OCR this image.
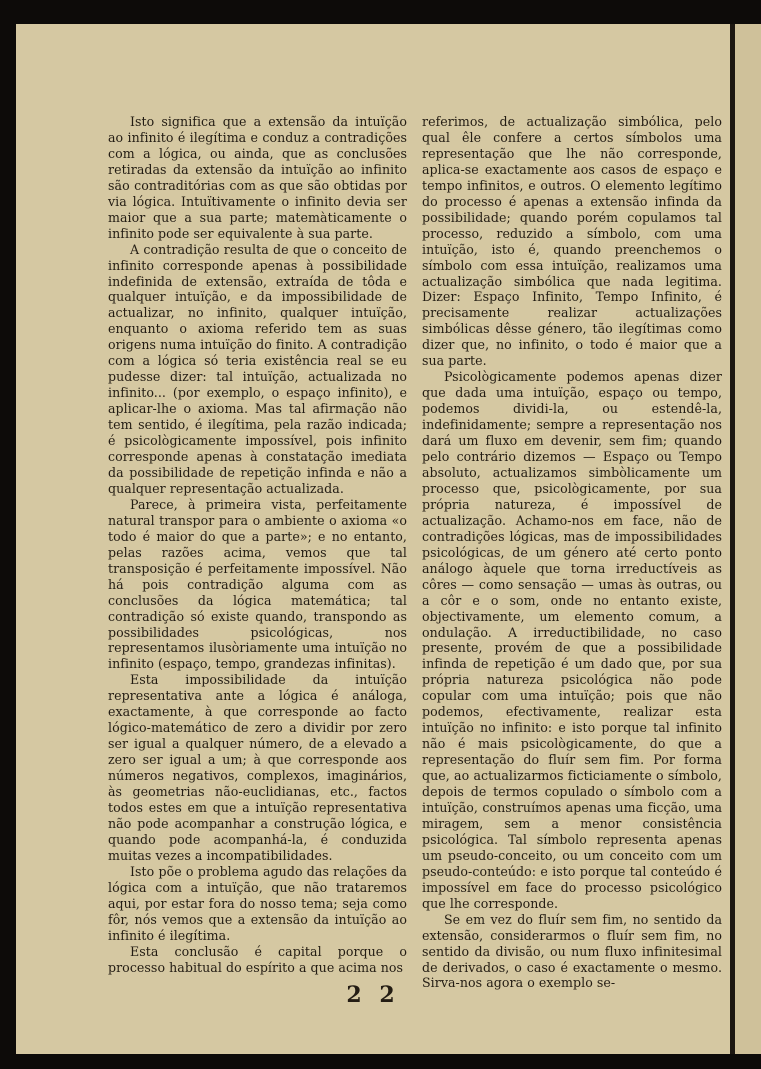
Isto significa que a extensão da intuïção ao infinito é ilegítima e conduz a contradições com a lógica, ou ainda, que as conclusões retiradas da extensão da intuïção ao infinito são contraditórias com as que são obtidas por via lógica. Intuïtivamente o infinito devia ser maior que a sua parte; matemàticamente o infinito pode ser equivalente à sua parte.

A contradição resulta de que o conceito de infinito corresponde apenas à possibilidade indefinida de extensão, extraída de tôda e qualquer intuïção, e da impossibilidade de actualizar, no infinito, qualquer intuïção, enquanto o axioma referido tem as suas origens numa intuïção do finito. A contradição com a lógica só teria existência real se eu pudesse dizer: tal intuïção, actualizada no infinito... (por exemplo, o espaço infinito), e aplicar-lhe o axioma. Mas tal afirmação não tem sentido, é ilegítima, pela razão indicada; é psicològicamente impossível, pois infinito corresponde apenas à constatação imediata da possibilidade de repetição infinda e não a qualquer representação actualizada.

Parece, à primeira vista, perfeitamente natural transpor para o ambiente o axioma «o todo é maior do que a parte»; e no entanto, pelas razões acima, vemos que tal transposição é perfeitamente impossível. Não há pois contradição alguma com as conclusões da lógica matemática; tal contradição só existe quando, transpondo as possibilidades psicológicas, nos representamos ilusòriamente uma intuïção no infinito (espaço, tempo, grandezas infinitas).

Esta impossibilidade da intuïção representativa ante a lógica é análoga, exactamente, à que corresponde ao facto lógico-matemático de zero a dividir por zero ser igual a qualquer número, de a elevado a zero ser igual a um; à que corresponde aos números negativos, complexos, imaginários, às geometrias não-euclidianas, etc., factos todos estes em que a intuïção representativa não pode acompanhar a construção lógica, e quando pode acompanhá-la, é conduzida muitas vezes a incompatibilidades.

Isto põe o problema agudo das relações da lógica com a intuïção, que não trataremos aqui, por estar fora do nosso tema; seja como fôr, nós vemos que a extensão da intuïção ao infinito é ilegítima.

Esta conclusão é capital porque o processo habitual do espírito a que acima nos

referimos, de actualização simbólica, pelo qual êle confere a certos símbolos uma representação que lhe não corresponde, aplica-se exactamente aos casos de espaço e tempo infinitos, e outros. O elemento legítimo do processo é apenas a extensão infinda da possibilidade; quando porém copulamos tal processo, reduzido a símbolo, com uma intuïção, isto é, quando preenchemos o símbolo com essa intuïção, realizamos uma actualização simbólica que nada legitima. Dizer: Espaço Infinito, Tempo Infinito, é precisamente realizar actualizações simbólicas dêsse género, tão ilegítimas como dizer que, no infinito, o todo é maior que a sua parte.

Psicològicamente podemos apenas dizer que dada uma intuïção, espaço ou tempo, podemos dividi-la, ou estendê-la, indefinidamente; sempre a representação nos dará um fluxo em devenir, sem fim; quando pelo contrário dizemos — Espaço ou Tempo absoluto, actualizamos simbòlicamente um processo que, psicològicamente, por sua própria natureza, é impossível de actualização. Achamo-nos em face, não de contradições lógicas, mas de impossibilidades psicológicas, de um género até certo ponto análogo àquele que torna irreductíveis as côres — como sensação — umas às outras, ou a côr e o som, onde no entanto existe, objectivamente, um elemento comum, a ondulação. A irreductibilidade, no caso presente, provém de que a possibilidade infinda de repetição é um dado que, por sua própria natureza psicológica não pode copular com uma intuïção; pois que não podemos, efectivamente, realizar esta intuïção no infinito: e isto porque tal infinito não é mais psicològicamente, do que a representação do fluír sem fim. Por forma que, ao actualizarmos ficticiamente o símbolo, depois de termos copulado o símbolo com a intuïção, construímos apenas uma ficção, uma miragem, sem a menor consistência psicológica. Tal símbolo representa apenas um pseudo-conceito, ou um conceito com um pseudo-conteúdo: e isto porque tal conteúdo é impossível em face do processo psicológico que lhe corresponde.

Se em vez do fluír sem fim, no sentido da extensão, considerarmos o fluír sem fim, no sentido da divisão, ou num fluxo infinitesimal de derivados, o caso é exactamente o mesmo. Sirva-nos agora o exemplo se-

2 2
